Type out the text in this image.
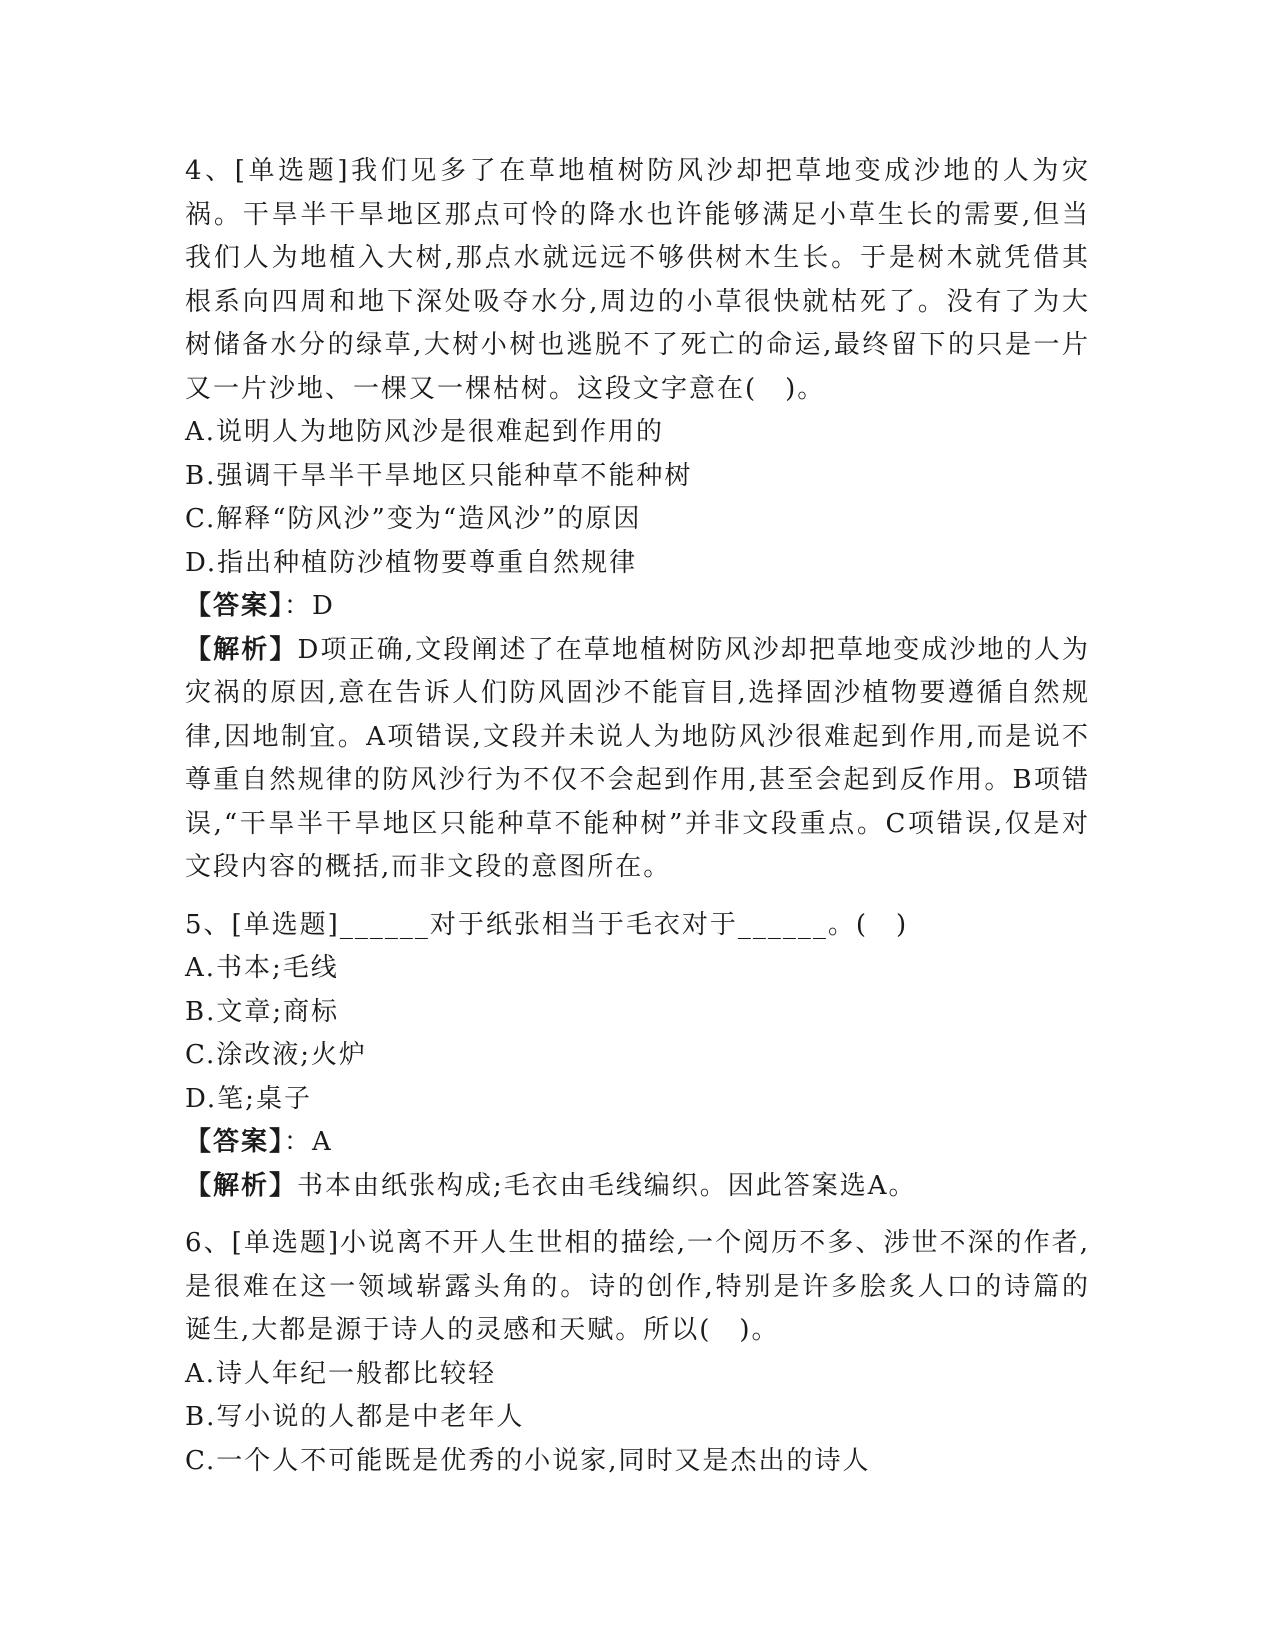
4、[单选题]我们见多了在草地植树防风沙却把草地变成沙地的人为灾祸。干旱半干旱地区那点可怜的降水也许能够满足小草生长的需要,但当我们人为地植入大树,那点水就远远不够供树木生长。于是树木就凭借其根系向四周和地下深处吸夺水分,周边的小草很快就枯死了。没有了为大树储备水分的绿草,大树小树也逃脱不了死亡的命运,最终留下的只是一片又一片沙地、一棵又一棵枯树。这段文字意在(　)。
A.说明人为地防风沙是很难起到作用的
B.强调干旱半干旱地区只能种草不能种树
C.解释“防风沙”变为“造风沙”的原因
D.指出种植防沙植物要尊重自然规律
【答案】：D
【解析】D项正确,文段阐述了在草地植树防风沙却把草地变成沙地的人为灾祸的原因,意在告诉人们防风固沙不能盲目,选择固沙植物要遵循自然规律,因地制宜。A项错误,文段并未说人为地防风沙很难起到作用,而是说不尊重自然规律的防风沙行为不仅不会起到作用,甚至会起到反作用。B项错误,“干旱半干旱地区只能种草不能种树”并非文段重点。C项错误,仅是对文段内容的概括,而非文段的意图所在。
5、[单选题]______对于纸张相当于毛衣对于______。(　)
A.书本;毛线
B.文章;商标
C.涂改液;火炉
D.笔;桌子
【答案】：A
【解析】书本由纸张构成;毛衣由毛线编织。因此答案选A。
6、[单选题]小说离不开人生世相的描绘,一个阅历不多、涉世不深的作者,是很难在这一领域崭露头角的。诗的创作,特别是许多脍炙人口的诗篇的诞生,大都是源于诗人的灵感和天赋。所以(　)。
A.诗人年纪一般都比较轻
B.写小说的人都是中老年人
C.一个人不可能既是优秀的小说家,同时又是杰出的诗人
